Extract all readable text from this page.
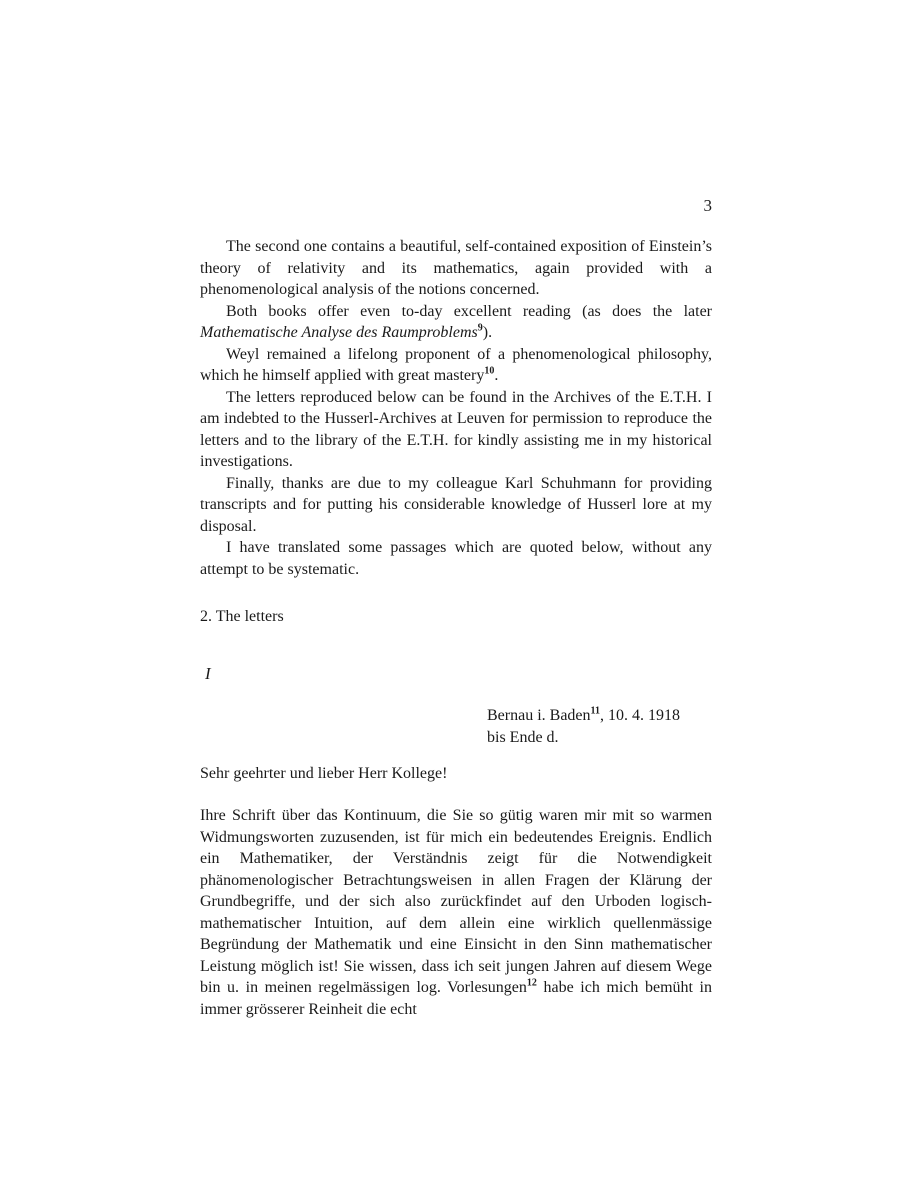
3

The second one contains a beautiful, self-contained exposition of Einstein’s theory of relativity and its mathematics, again provided with a phenomenological analysis of the notions concerned.

Both books offer even to-day excellent reading (as does the later Mathematische Analyse des Raumproblems$^9$).

Weyl remained a lifelong proponent of a phenomenological philosophy, which he himself applied with great mastery$^{10}$.

The letters reproduced below can be found in the Archives of the E.T.H. I am indebted to the Husserl-Archives at Leuven for permission to reproduce the letters and to the library of the E.T.H. for kindly assisting me in my historical investigations.

Finally, thanks are due to my colleague Karl Schuhmann for providing transcripts and for putting his considerable knowledge of Husserl lore at my disposal.

I have translated some passages which are quoted below, without any attempt to be systematic.

2. The letters
I
Bernau i. Baden$^{11}$, 10. 4. 1918
bis Ende d.
Sehr geehrter und lieber Herr Kollege!

Ihre Schrift über das Kontinuum, die Sie so gütig waren mir mit so warmen Widmungsworten zuzusenden, ist für mich ein bedeutendes Ereignis. Endlich ein Mathematiker, der Verständnis zeigt für die Notwendigkeit phänomenologischer Betrachtungsweisen in allen Fragen der Klärung der Grundbegriffe, und der sich also zurückfindet auf den Urboden logisch-mathematischer Intuition, auf dem allein eine wirklich quellenmässige Begründung der Mathematik und eine Einsicht in den Sinn mathematischer Leistung möglich ist! Sie wissen, dass ich seit jungen Jahren auf diesem Wege bin u. in meinen regelmässigen log. Vorlesungen$^{12}$ habe ich mich bemüht in immer grösserer Reinheit die echt
